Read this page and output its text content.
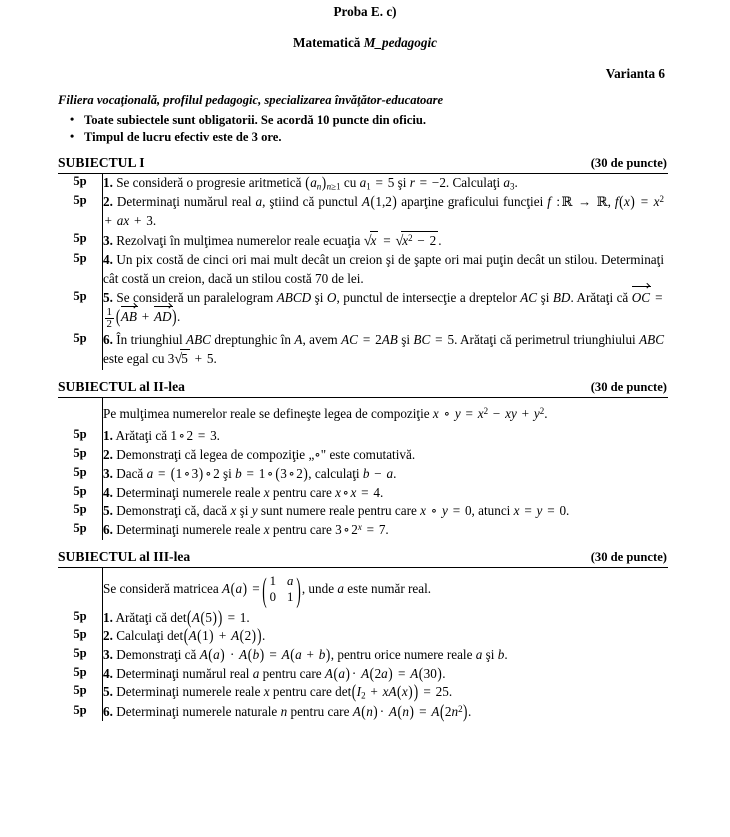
Proba E. c)
Matematică M_pedagogic
Varianta 6
Filiera vocaţională, profilul pedagogic, specializarea învăţător-educatoare
• Toate subiectele sunt obligatorii. Se acordă 10 puncte din oficiu.
• Timpul de lucru efectiv este de 3 ore.
SUBIECTUL I	(30 de puncte)
5p	1. Se consideră o progresie aritmetică $(a_n)_{n\ge 1}$ cu $a_1 = 5$ şi r = −2. Calculaţi $a_3$.
5p	2. Determinaţi numărul real a, ştiind că punctul A(1,2) aparţine graficului funcţiei f : ℝ → ℝ, $f(x) = x^2$ + ax + 3.
5p	3. Rezolvaţi în mulţimea numerelor reale ecuaţia $√x = √x^2 - 2$ .
5p	4. Un pix costă de cinci ori mai mult decât un creion şi de şapte ori mai puţin decât un stilou. Determinaţi cât costă un creion, dacă un stilou costă 70 de lei.
5p	5. Se consideră un paralelogram ABCD şi O, punctul de intersecţie a dreptelor AC şi BD. Arătaţi că OC =
$\frac{1}{2} (AB + AD)$.
5p	6. În triunghiul ABC dreptunghic în A, avem AC = 2AB şi BC = 5. Arătaţi că perimetrul triunghiului ABC este egal cu 3√5 + 5.
SUBIECTUL al II-lea	(30 de puncte)
	Pe mulţimea numerelor reale se defineşte legea de compoziţie x ∘ $y = x^2$ − xy + $y^2$.
5p	1. Arătaţi că 1 ∘ 2 = 3.
5p	2. Demonstraţi că legea de compoziţie „∘" este comutativă.
5p	3. Dacă a = (1 ∘ 3) ∘ 2 şi b = 1 ∘ (3 ∘ 2), calculaţi b − a.
5p	4. Determinaţi numerele reale x pentru care x ∘ x = 4.
5p	5. Demonstraţi că, dacă x şi y sunt numere reale pentru care x ∘ y = 0, atunci x = y = 0.
5p	6. Determinaţi numerele reale x pentru care 3 ∘ $2^x = 7$.
SUBIECTUL al III-lea	(30 de puncte)
	Se consideră matricea A(a) = ( 1 a
0 1 ) , unde a este număr real.
5p	1. Arătaţi că det(A(5)) = 1.
5p	2. Calculaţi det(A(1) + A(2)).
5p	3. Demonstraţi că A(a) · A(b) = A(a + b), pentru orice numere reale a şi b.
5p	4. Determinaţi numărul real a pentru care A(a) · A(2a) = A(30).
5p	5. Determinaţi numerele reale x pentru care $\det(I_2 + xA(x)) = 25$.
5p	6. Determinaţi numerele naturale n pentru care $A(n) \cdot A(n) = A(2n^2)$.
